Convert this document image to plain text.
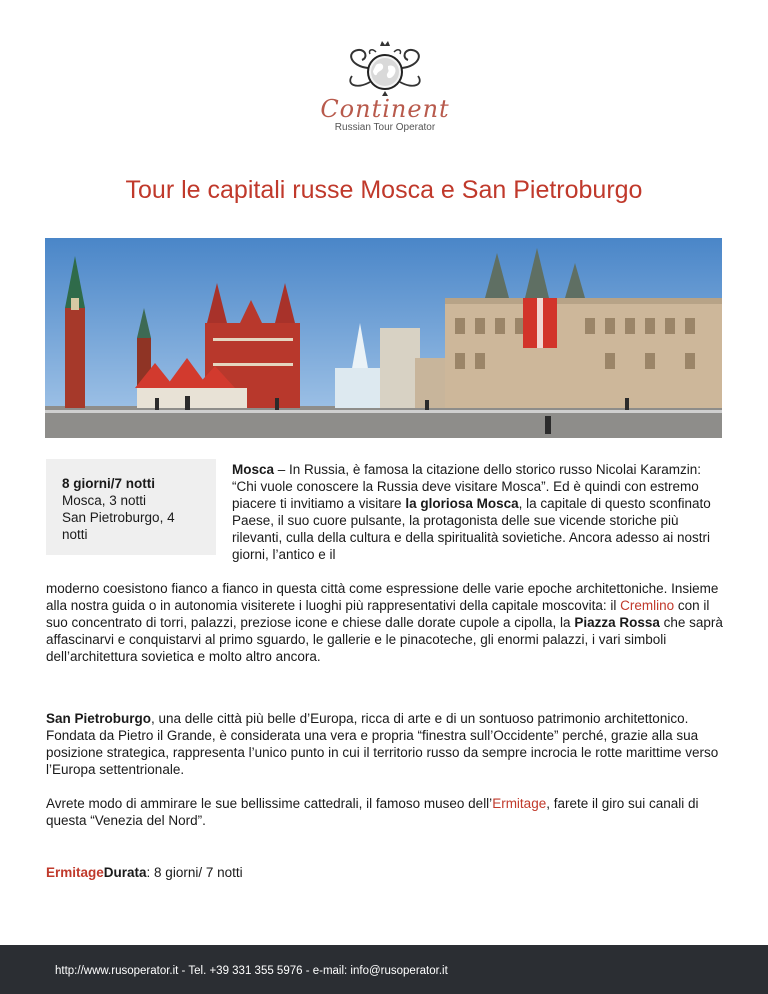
Continent
Russian Tour Operator
Tour le capitali russe Mosca e San Pietroburgo
8 giorni/7 notti
Mosca, 3 notti
San Pietroburgo, 4
notti
Mosca – In Russia, è famosa la citazione dello storico russo Nicolai Karamzin: “Chi vuole conoscere la Russia deve visitare Mosca”. Ed è quindi con estremo piacere ti invitiamo a visitare la gloriosa Mosca, la capitale di questo sconfinato Paese, il suo cuore pulsante, la protagonista delle sue vicende storiche più rilevanti, culla della cultura e della spiritualità sovietiche. Ancora adesso ai nostri giorni, l’antico e il
moderno coesistono fianco a fianco in questa città come espressione delle varie epoche architettoniche. Insieme alla nostra guida o in autonomia visiterete i luoghi più rappresentativi della capitale moscovita: il Cremlino con il suo concentrato di torri, palazzi, preziose icone e chiese dalle dorate cupole a cipolla, la Piazza Rossa che saprà affascinarvi e conquistarvi al primo sguardo, le gallerie e le pinacoteche, gli enormi palazzi, i vari simboli dell’architettura sovietica e molto altro ancora.
San Pietroburgo, una delle città più belle d’Europa, ricca di arte e di un sontuoso patrimonio architettonico. Fondata da Pietro il Grande, è considerata una vera e propria “finestra sull’Occidente” perché, grazie alla sua posizione strategica, rappresenta l’unico punto in cui il territorio russo da sempre incrocia le rotte marittime verso l’Europa settentrionale.
Avrete modo di ammirare le sue bellissime cattedrali, il famoso museo dell’Ermitage, farete il giro sui canali di questa “Venezia del Nord”.
ErmitageDurata: 8 giorni/ 7 notti
http://www.rusoperator.it - Tel. +39 331 355 5976 - e-mail: info@rusoperator.it
